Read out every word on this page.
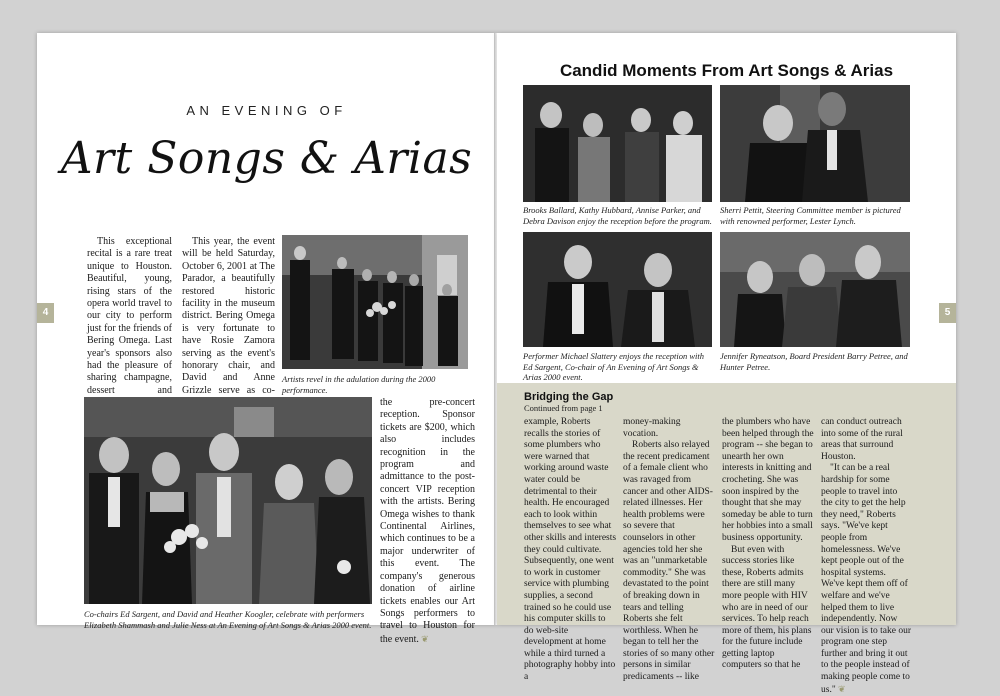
AN EVENING OF
Art Songs & Arias

This exceptional recital is a rare treat unique to Houston. Beautiful, young, rising stars of the opera world travel to our city to perform just for the friends of Bering Omega. Last year's sponsors also had the pleasure of sharing champagne, dessert and

This year, the event will be held Saturday, October 6, 2001 at The Parador, a beautifully restored historic facility in the museum district. Bering Omega is very fortunate to have Rosie Zamora serving as the event's honorary chair, and David and Anne Grizzle serve as co-

Artists revel in the adulation during the 2000 performance.
Co-chairs Ed Sargent, and David and Heather Koogler, celebrate with performers Elizabeth Shammash and Julie Ness at An Evening of Art Songs & Arias 2000 event.

the pre-concert reception. Sponsor tickets are $200, which also includes recognition in the program and admittance to the post-concert VIP reception with the artists. Bering Omega wishes to thank Continental Airlines, which continues to be a major underwriter of this event. The company's generous donation of airline tickets enables our Art Songs performers to travel to Houston for the event. ❦

4
Candid Moments From Art Songs & Arias
Brooks Ballard, Kathy Hubbard, Annise Parker, and Debra Davison enjoy the reception before the program.
Sherri Pettit, Steering Committee member is pictured with renowned performer, Lester Lynch.
Performer Michael Slattery enjoys the reception with Ed Sargent, Co-chair of An Evening of Art Songs & Arias 2000 event.
Jennifer Ryneatson, Board President Barry Petree, and Hunter Petree.
Bridging the Gap
Continued from page 1

example, Roberts recalls the stories of some plumbers who were warned that working around waste water could be detrimental to their health. He encouraged each to look within themselves to see what other skills and interests they could cultivate. Subsequently, one went to work in customer service with plumbing supplies, a second trained so he could use his computer skills to do web-site development at home while a third turned a photography hobby into a

money-making vocation.

Roberts also relayed the recent predicament of a female client who was ravaged from cancer and other AIDS-related illnesses. Her health problems were so severe that counselors in other agencies told her she was an "unmarketable commodity." She was devastated to the point of breaking down in tears and telling Roberts she felt worthless. When he began to tell her the stories of so many other persons in similar predicaments -- like

the plumbers who have been helped through the program -- she began to unearth her own interests in knitting and crocheting. She was soon inspired by the thought that she may someday be able to turn her hobbies into a small business opportunity.

But even with success stories like these, Roberts admits there are still many more people with HIV who are in need of our services. To help reach more of them, his plans for the future include getting laptop computers so that he

can conduct outreach into some of the rural areas that surround Houston.

"It can be a real hardship for some people to travel into the city to get the help they need," Roberts says. "We've kept people from homelessness. We've kept people out of the hospital systems. We've kept them off of welfare and we've helped them to live independently. Now our vision is to take our program one step further and bring it out to the people instead of making people come to us." ❦

5
